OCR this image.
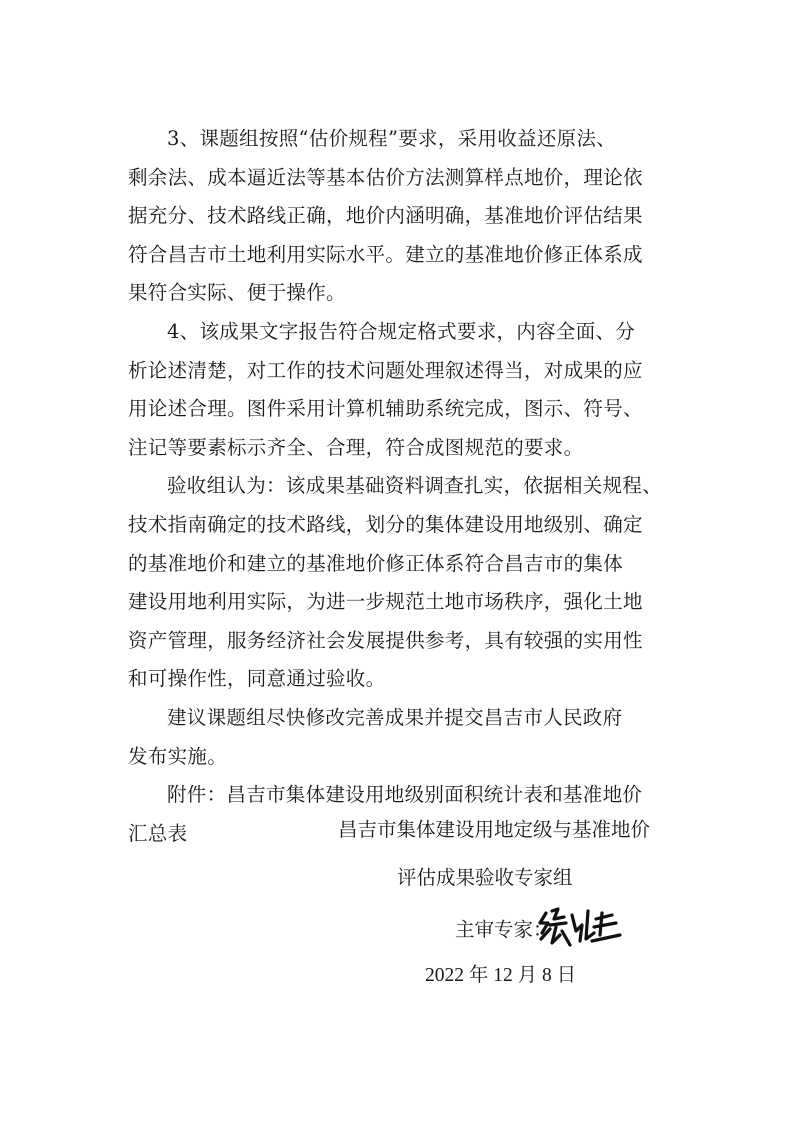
3、课题组按照“估价规程”要求，采用收益还原法、
剩余法、成本逼近法等基本估价方法测算样点地价，理论依
据充分、技术路线正确，地价内涵明确，基准地价评估结果
符合昌吉市土地利用实际水平。建立的基准地价修正体系成
果符合实际、便于操作。
4、该成果文字报告符合规定格式要求，内容全面、分
析论述清楚，对工作的技术问题处理叙述得当，对成果的应
用论述合理。图件采用计算机辅助系统完成，图示、符号、
注记等要素标示齐全、合理，符合成图规范的要求。
验收组认为：该成果基础资料调查扎实，依据相关规程、
技术指南确定的技术路线，划分的集体建设用地级别、确定
的基准地价和建立的基准地价修正体系符合昌吉市的集体
建设用地利用实际，为进一步规范土地市场秩序，强化土地
资产管理，服务经济社会发展提供参考，具有较强的实用性
和可操作性，同意通过验收。
建议课题组尽快修改完善成果并提交昌吉市人民政府
发布实施。
附件：昌吉市集体建设用地级别面积统计表和基准地价
汇总表	昌吉市集体建设用地定级与基准地价
评估成果验收专家组
主审专家：
2022 年 12 月 8 日
